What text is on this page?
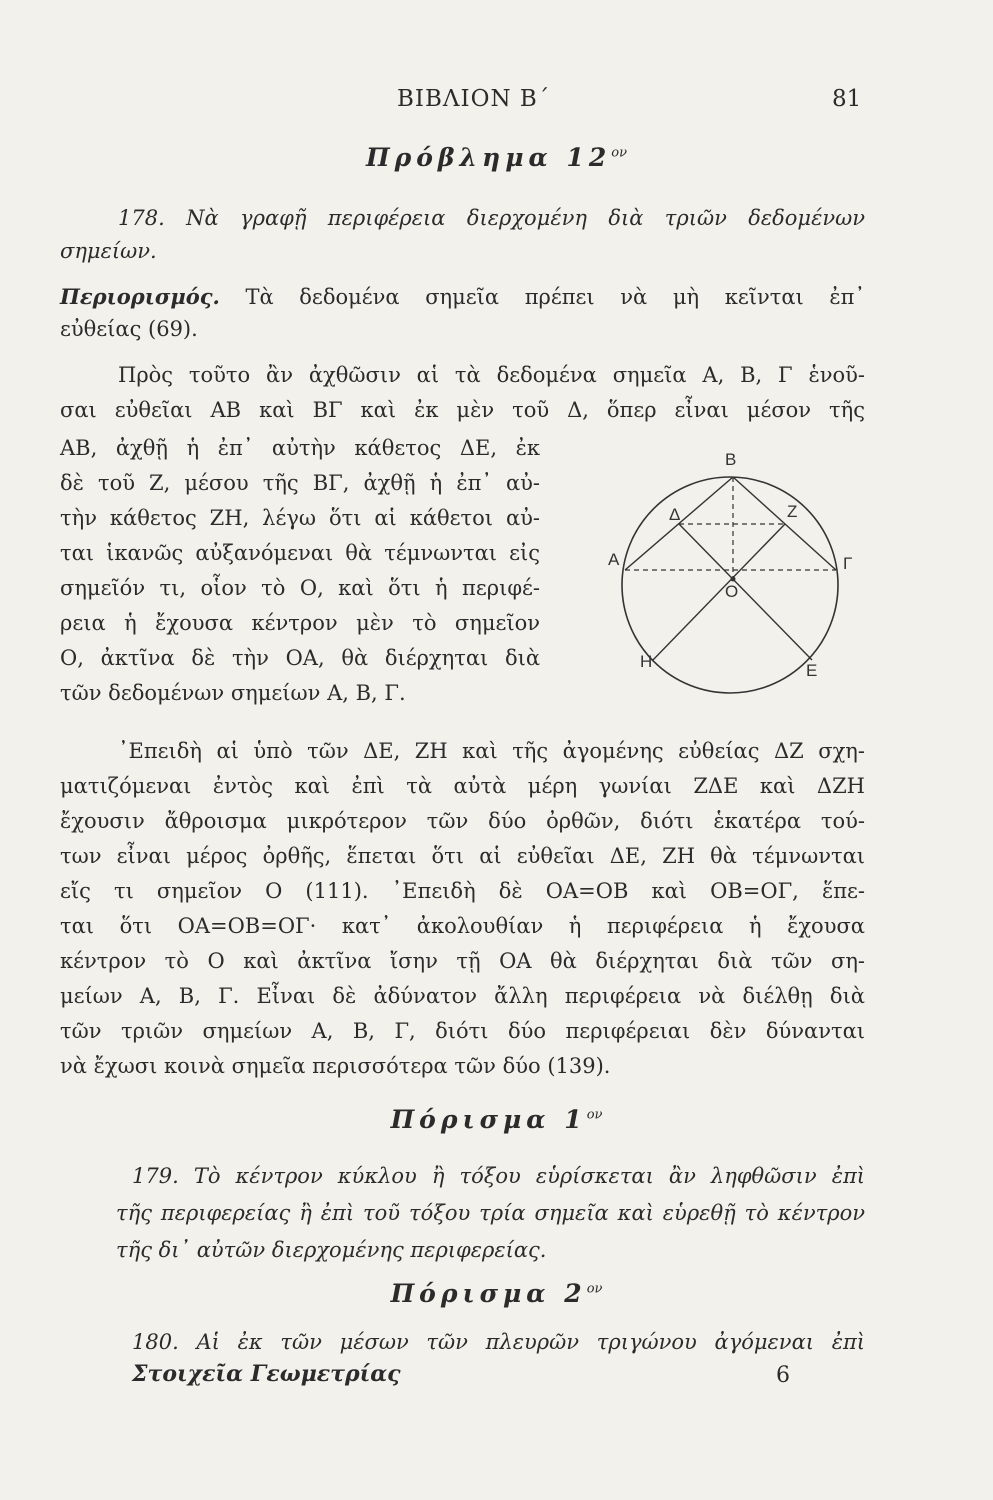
ΒΙΒΛΙΟΝ Β΄	81
Πρόβλημα $12^{o\nu}$
178. Νὰ γραφῇ περιφέρεια διερχομένη διὰ τριῶν δεδομένων
σημείων.
Περιορισμός. Τὰ δεδομένα σημεῖα πρέπει νὰ μὴ κεῖνται ἐπ᾽
εὐθείας (69).
Πρὸς τοῦτο ἂν ἀχθῶσιν αἱ τὰ δεδομένα σημεῖα Α, Β, Γ ἑνοῦ-
σαι εὐθεῖαι ΑΒ καὶ ΒΓ καὶ ἐκ μὲν τοῦ Δ, ὅπερ εἶναι μέσον τῆς
ΑΒ, ἀχθῇ ἡ ἐπ᾽ αὐτὴν κάθετος ΔΕ, ἐκ
δὲ τοῦ Ζ, μέσου τῆς ΒΓ, ἀχθῇ ἡ ἐπ᾽ αὐ-
τὴν κάθετος ΖΗ, λέγω ὅτι αἱ κάθετοι αὐ-
ται ἱκανῶς αὐξανόμεναι θὰ τέμνωνται εἰς
σημεῖόν τι, οἷον τὸ Ο, καὶ ὅτι ἡ περιφέ-
ρεια ἡ ἔχουσα κέντρον μὲν τὸ σημεῖον
Ο, ἀκτῖνα δὲ τὴν ΟΑ, θὰ διέρχηται διὰ
τῶν δεδομένων σημείων Α, Β, Γ.
Β
Α	Γ
Δ	Ζ
Ο
Η	Ε
᾽Επειδὴ αἱ ὑπὸ τῶν ΔΕ, ΖΗ καὶ τῆς ἀγομένης εὐθείας ΔΖ σχη-
ματιζόμεναι ἐντὸς καὶ ἐπὶ τὰ αὐτὰ μέρη γωνίαι ΖΔΕ καὶ ΔΖΗ
ἔχουσιν ἄθροισμα μικρότερον τῶν δύο ὀρθῶν, διότι ἑκατέρα τού-
των εἶναι μέρος ὀρθῆς, ἕπεται ὅτι αἱ εὐθεῖαι ΔΕ, ΖΗ θὰ τέμνωνται
εἴς τι σημεῖον Ο (111). ᾽Επειδὴ δὲ ΟΑ=ΟΒ καὶ ΟΒ=ΟΓ, ἕπε-
ται ὅτι ΟΑ=ΟΒ=ΟΓ· κατ᾽ ἀκολουθίαν ἡ περιφέρεια ἡ ἔχουσα
κέντρον τὸ Ο καὶ ἀκτῖνα ἴσην τῇ ΟΑ θὰ διέρχηται διὰ τῶν ση-
μείων Α, Β, Γ. Εἶναι δὲ ἀδύνατον ἄλλη περιφέρεια νὰ διέλθῃ διὰ
τῶν τριῶν σημείων Α, Β, Γ, διότι δύο περιφέρειαι δὲν δύνανται
νὰ ἔχωσι κοινὰ σημεῖα περισσότερα τῶν δύο (139).
Πόρισμα $1^{o\nu}$
179. Τὸ κέντρον κύκλου ἢ τόξου εὑρίσκεται ἂν ληφθῶσιν ἐπὶ
τῆς περιφερείας ἢ ἐπὶ τοῦ τόξου τρία σημεῖα καὶ εὑρεθῇ τὸ κέντρον
τῆς δι᾽ αὐτῶν διερχομένης περιφερείας.
Πόρισμα $2^{o\nu}$
180. Αἱ ἐκ τῶν μέσων τῶν πλευρῶν τριγώνου ἀγόμεναι ἐπὶ
Στοιχεῖα Γεωμετρίας	6
